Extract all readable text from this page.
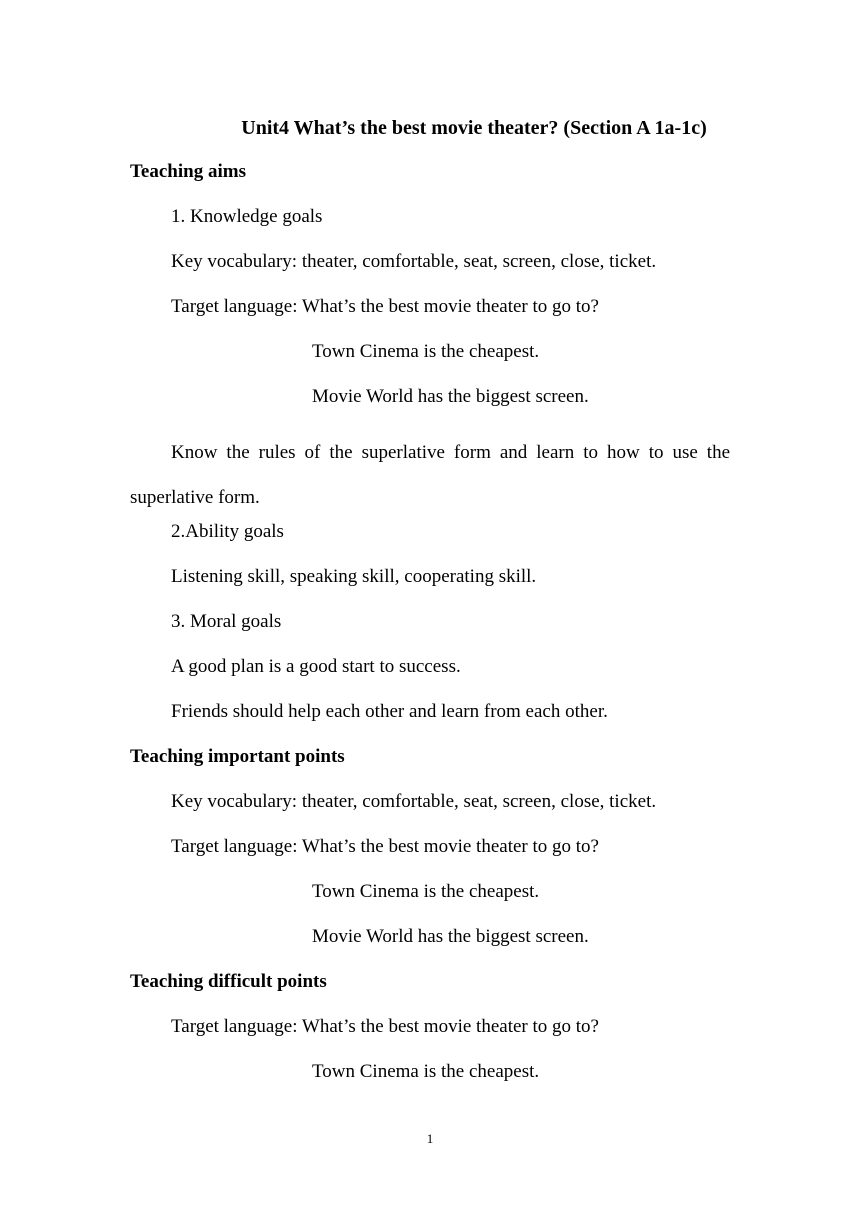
Unit4 What’s the best movie theater? (Section A 1a-1c)
Teaching aims
1. Knowledge goals
Key vocabulary: theater, comfortable, seat, screen, close, ticket.
Target language: What’s the best movie theater to go to?
Town Cinema is the cheapest.
Movie World has the biggest screen.
Know the rules of the superlative form and learn to how to use the superlative form.
2.Ability goals
Listening skill, speaking skill, cooperating skill.
3. Moral goals
A good plan is a good start to success.
Friends should help each other and learn from each other.
Teaching important points
Key vocabulary: theater, comfortable, seat, screen, close, ticket.
Target language: What’s the best movie theater to go to?
Town Cinema is the cheapest.
Movie World has the biggest screen.
Teaching difficult points
Target language: What’s the best movie theater to go to?
Town Cinema is the cheapest.
1
